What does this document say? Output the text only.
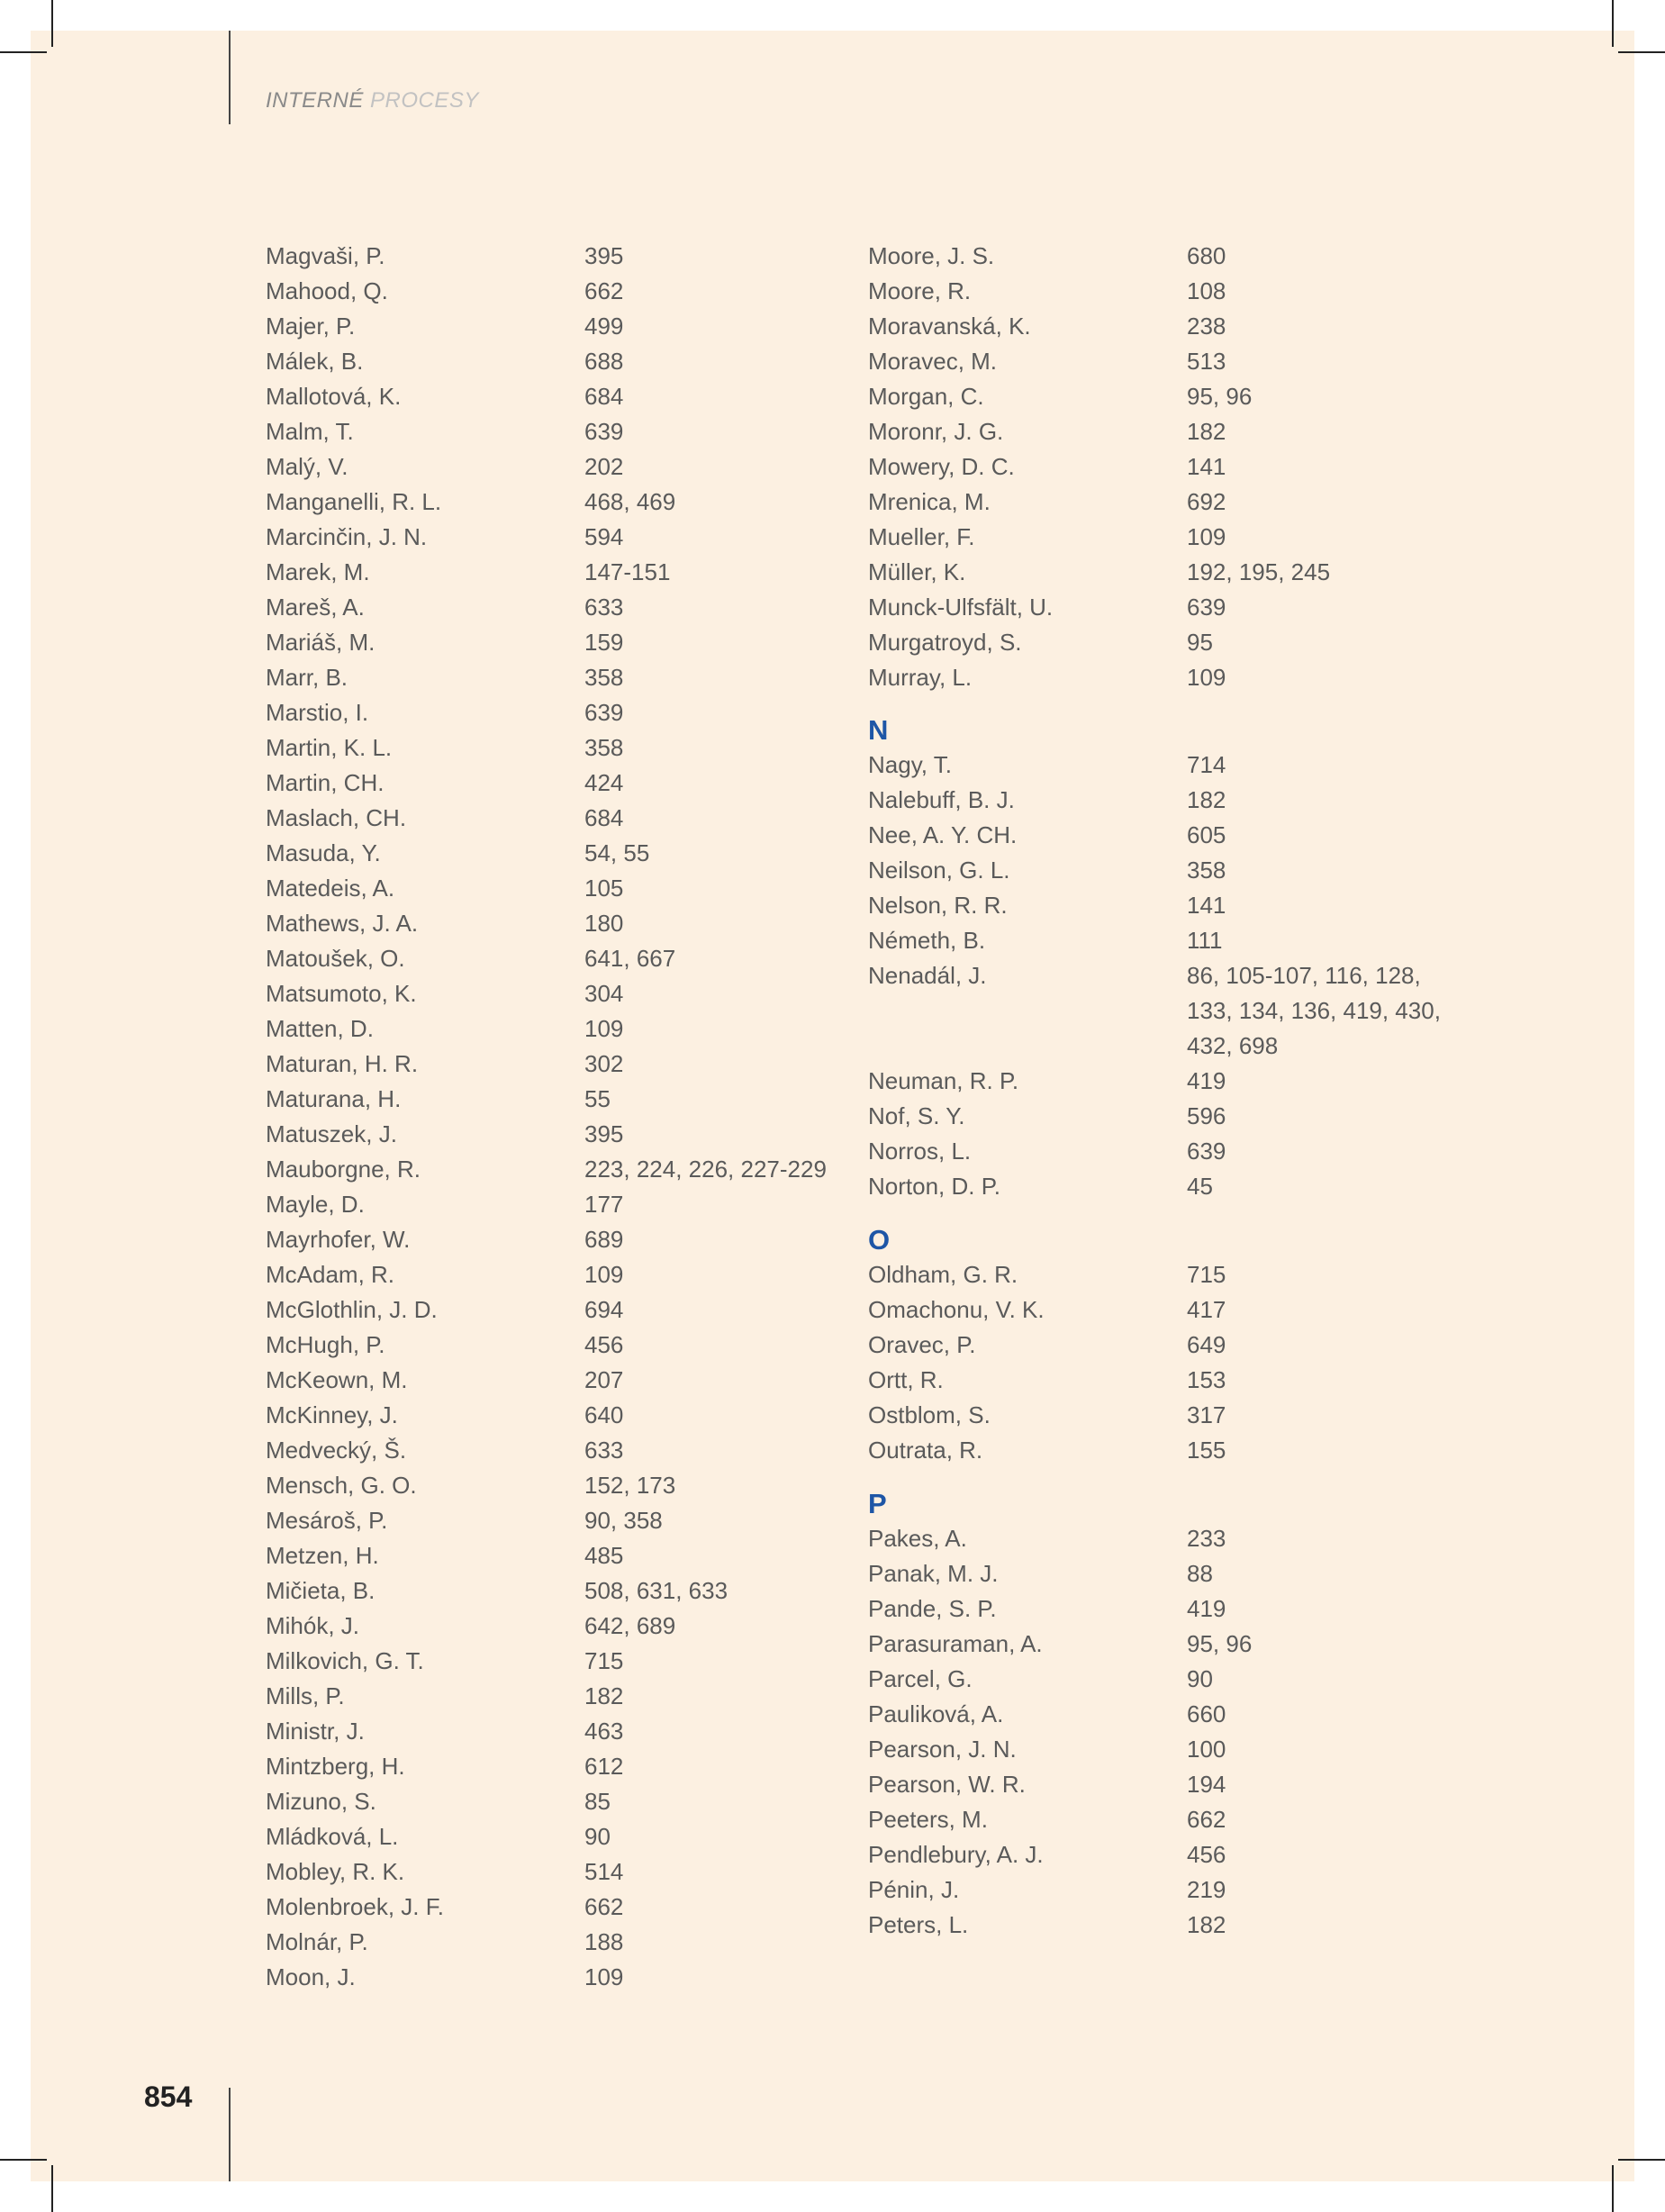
INTERNÉ PROCESY
Magvaši, P.	395
Mahood, Q.	662
Majer, P.	499
Málek, B.	688
Mallotová, K.	684
Malm, T.	639
Malý, V.	202
Manganelli, R. L.	468, 469
Marcinčin, J. N.	594
Marek, M.	147-151
Mareš, A.	633
Mariáš, M.	159
Marr, B.	358
Marstio, I.	639
Martin, K. L.	358
Martin, CH.	424
Maslach, CH.	684
Masuda, Y.	54, 55
Matedeis, A.	105
Mathews, J. A.	180
Matoušek, O.	641, 667
Matsumoto, K.	304
Matten, D.	109
Maturan, H. R.	302
Maturana, H.	55
Matuszek, J.	395
Mauborgne, R.	223, 224, 226, 227-229
Mayle, D.	177
Mayrhofer, W.	689
McAdam, R.	109
McGlothlin, J. D.	694
McHugh, P.	456
McKeown, M.	207
McKinney, J.	640
Medvecký, Š.	633
Mensch, G. O.	152, 173
Mesároš, P.	90, 358
Metzen, H.	485
Mičieta, B.	508, 631, 633
Mihók, J.	642, 689
Milkovich, G. T.	715
Mills, P.	182
Ministr, J.	463
Mintzberg, H.	612
Mizuno, S.	85
Mládková, L.	90
Mobley, R. K.	514
Molenbroek, J. F.	662
Molnár, P.	188
Moon, J.	109
Moore, J. S.	680
Moore, R.	108
Moravanská, K.	238
Moravec, M.	513
Morgan, C.	95, 96
Moronr, J. G.	182
Mowery, D. C.	141
Mrenica, M.	692
Mueller, F.	109
Müller, K.	192, 195, 245
Munck-Ulfsfält, U.	639
Murgatroyd, S.	95
Murray, L.	109
N
Nagy, T.	714
Nalebuff, B. J.	182
Nee, A. Y. CH.	605
Neilson, G. L.	358
Nelson, R. R.	141
Németh, B.	111
Nenadál, J.	86, 105-107, 116, 128,
133, 134, 136, 419, 430,
432, 698
Neuman, R. P.	419
Nof, S. Y.	596
Norros, L.	639
Norton, D. P.	45
O
Oldham, G. R.	715
Omachonu, V. K.	417
Oravec, P.	649
Ortt, R.	153
Ostblom, S.	317
Outrata, R.	155
P
Pakes, A.	233
Panak, M. J.	88
Pande, S. P.	419
Parasuraman, A.	95, 96
Parcel, G.	90
Pauliková, A.	660
Pearson, J. N.	100
Pearson, W. R.	194
Peeters, M.	662
Pendlebury, A. J.	456
Pénin, J.	219
Peters, L.	182
854
